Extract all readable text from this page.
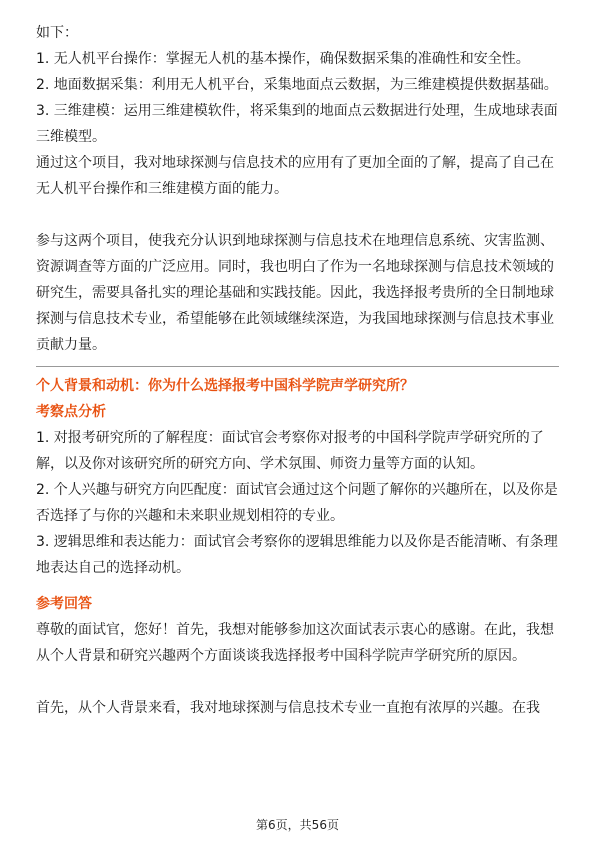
如下：

1. 无人机平台操作：掌握无人机的基本操作，确保数据采集的准确性和安全性。

2. 地面数据采集：利用无人机平台，采集地面点云数据，为三维建模提供数据基础。

3. 三维建模：运用三维建模软件，将采集到的地面点云数据进行处理，生成地球表面三维模型。

通过这个项目，我对地球探测与信息技术的应用有了更加全面的了解，提高了自己在无人机平台操作和三维建模方面的能力。

参与这两个项目，使我充分认识到地球探测与信息技术在地理信息系统、灾害监测、资源调查等方面的广泛应用。同时，我也明白了作为一名地球探测与信息技术领域的研究生，需要具备扎实的理论基础和实践技能。因此，我选择报考贵所的全日制地球探测与信息技术专业，希望能够在此领域继续深造，为我国地球探测与信息技术事业贡献力量。

个人背景和动机：你为什么选择报考中国科学院声学研究所？
考察点分析

1. 对报考研究所的了解程度：面试官会考察你对报考的中国科学院声学研究所的了解，以及你对该研究所的研究方向、学术氛围、师资力量等方面的认知。

2. 个人兴趣与研究方向匹配度：面试官会通过这个问题了解你的兴趣所在，以及你是否选择了与你的兴趣和未来职业规划相符的专业。

3. 逻辑思维和表达能力：面试官会考察你的逻辑思维能力以及你是否能清晰、有条理地表达自己的选择动机。

参考回答

尊敬的面试官，您好！首先，我想对能够参加这次面试表示衷心的感谢。在此，我想从个人背景和研究兴趣两个方面谈谈我选择报考中国科学院声学研究所的原因。

首先，从个人背景来看，我对地球探测与信息技术专业一直抱有浓厚的兴趣。在我

第6页，共56页
